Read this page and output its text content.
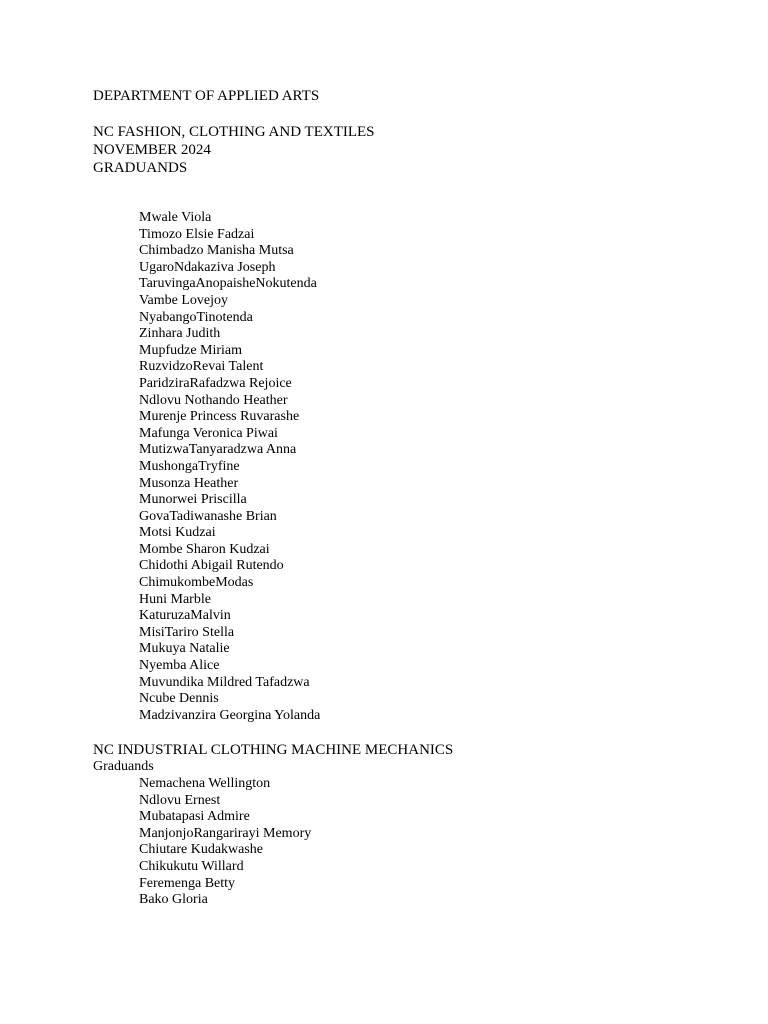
DEPARTMENT OF APPLIED ARTS
NC FASHION, CLOTHING AND TEXTILES
NOVEMBER 2024
GRADUANDS
Mwale Viola
Timozo Elsie Fadzai
Chimbadzo Manisha Mutsa
UgaroNdakaziva Joseph
TaruvingaAnopaisheNokutenda
Vambe Lovejoy
NyabangoTinotenda
Zinhara Judith
Mupfudze Miriam
RuzvidzoRevai Talent
ParidziraRafadzwa Rejoice
Ndlovu Nothando Heather
Murenje Princess Ruvarashe
Mafunga Veronica Piwai
MutizwaTanyaradzwa Anna
MushongaTryfine
Musonza Heather
Munorwei Priscilla
GovaTadiwanashe Brian
Motsi Kudzai
Mombe Sharon Kudzai
Chidothi Abigail Rutendo
ChimukombeModas
Huni Marble
KaturuzaMalvin
MisiTariro Stella
Mukuya Natalie
Nyemba Alice
Muvundika Mildred Tafadzwa
Ncube Dennis
Madzivanzira Georgina Yolanda
NC INDUSTRIAL CLOTHING MACHINE MECHANICS
Graduands
Nemachena Wellington
Ndlovu Ernest
Mubatapasi Admire
ManjonjoRangarirayi Memory
Chiutare Kudakwashe
Chikukutu Willard
Feremenga Betty
Bako Gloria
